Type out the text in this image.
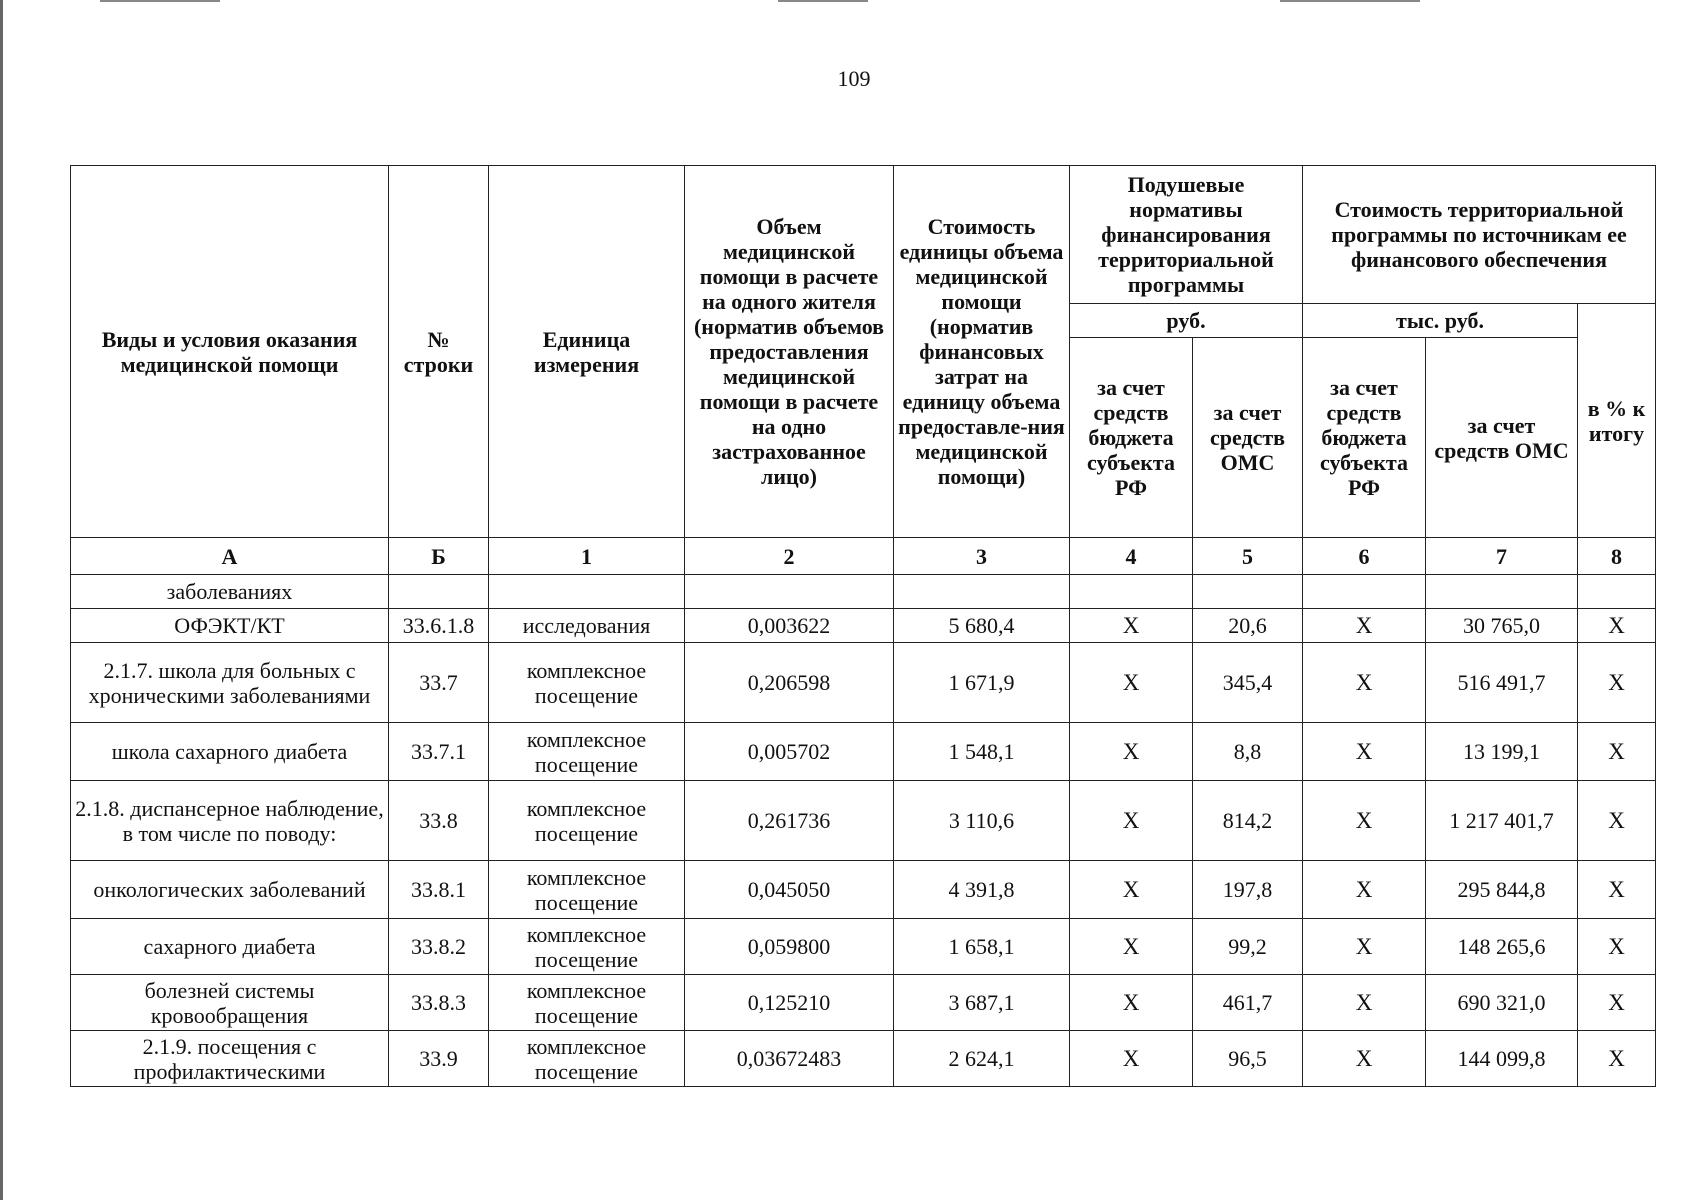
109
Виды и условия оказания медицинской помощи	№ строки	Единица измерения	Объем медицинской помощи в расчете на одного жителя (норматив объемов предоставления медицинской помощи в расчете на одно застрахованное лицо)	Стоимость единицы объема медицинской помощи (норматив финансовых затрат на единицу объема предоставле-ния медицинской помощи)	Подушевые нормативы финансирования территориальной программы		Стоимость территориальной программы по источникам ее финансового обеспечения		
					руб.		тыс. руб.		в % к итогу
					за счет средств бюджета субъекта РФ	за счет средств ОМС	за счет средств бюджета субъекта РФ	за счет средств ОМС	
А	Б	1	2	3	4	5	6	7	8
заболеваниях									
ОФЭКТ/КТ	33.6.1.8	исследования	0,003622	5 680,4	Х	20,6	Х	30 765,0	Х
2.1.7. школа для больных с хроническими заболеваниями	33.7	комплексное посещение	0,206598	1 671,9	Х	345,4	Х	516 491,7	Х
школа сахарного диабета	33.7.1	комплексное посещение	0,005702	1 548,1	Х	8,8	Х	13 199,1	Х
2.1.8. диспансерное наблюдение, в том числе по поводу:	33.8	комплексное посещение	0,261736	3 110,6	Х	814,2	Х	1 217 401,7	Х
онкологических заболеваний	33.8.1	комплексное посещение	0,045050	4 391,8	Х	197,8	Х	295 844,8	Х
сахарного диабета	33.8.2	комплексное посещение	0,059800	1 658,1	Х	99,2	Х	148 265,6	Х
болезней системы кровообращения	33.8.3	комплексное посещение	0,125210	3 687,1	Х	461,7	Х	690 321,0	Х
2.1.9. посещения с профилактическими	33.9	комплексное посещение	0,03672483	2 624,1	Х	96,5	Х	144 099,8	Х
